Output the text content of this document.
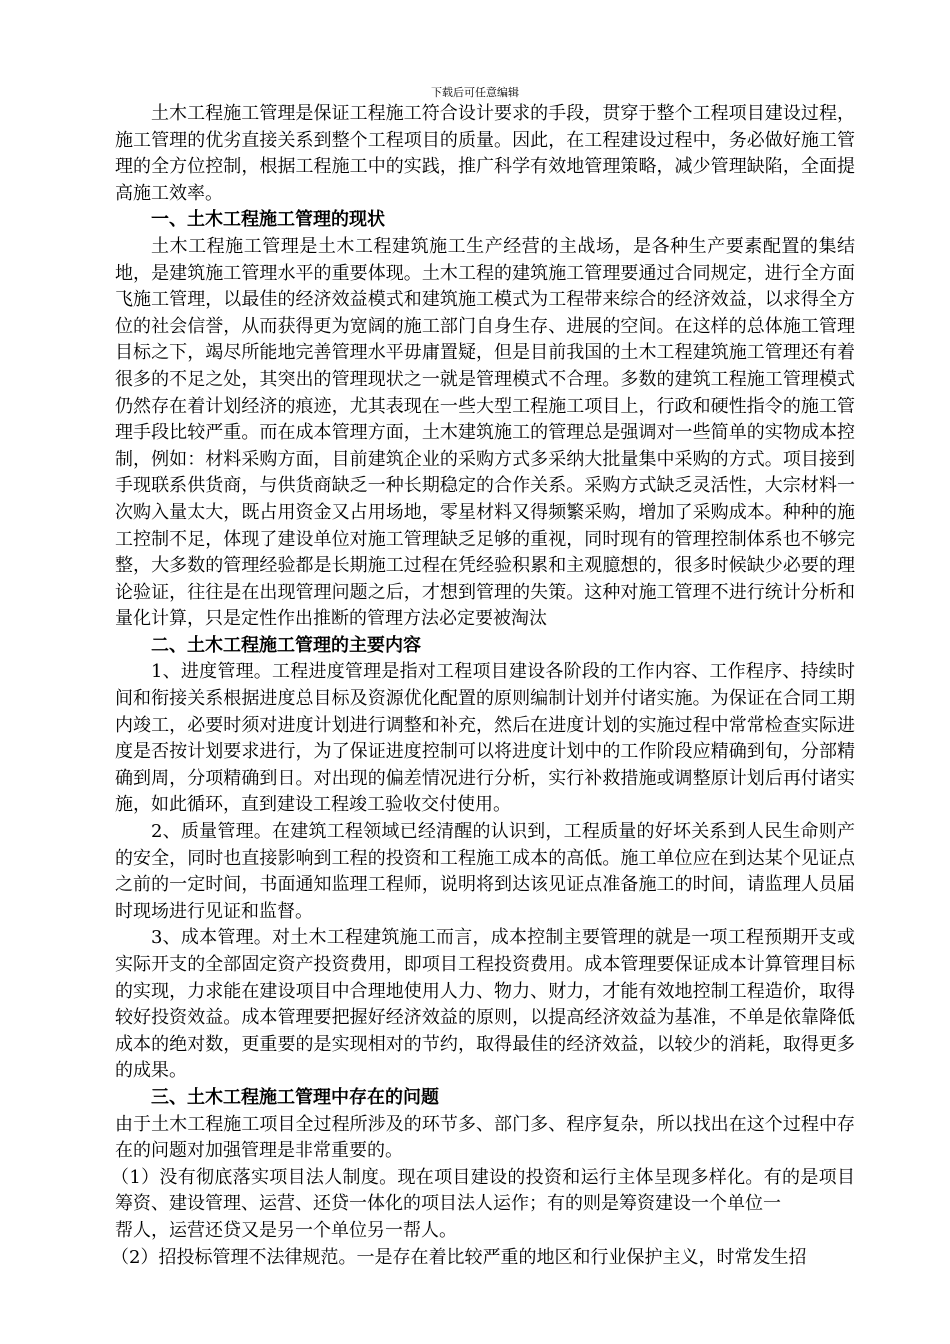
下载后可任意编辑

土木工程施工管理是保证工程施工符合设计要求的手段，贯穿于整个工程项目建设过程，施工管理的优劣直接关系到整个工程项目的质量。因此，在工程建设过程中，务必做好施工管理的全方位控制，根据工程施工中的实践，推广科学有效地管理策略，减少管理缺陷，全面提高施工效率。

一、土木工程施工管理的现状

土木工程施工管理是土木工程建筑施工生产经营的主战场，是各种生产要素配置的集结地，是建筑施工管理水平的重要体现。土木工程的建筑施工管理要通过合同规定，进行全方面飞施工管理，以最佳的经济效益模式和建筑施工模式为工程带来综合的经济效益，以求得全方位的社会信誉，从而获得更为宽阔的施工部门自身生存、进展的空间。在这样的总体施工管理目标之下，竭尽所能地完善管理水平毋庸置疑，但是目前我国的土木工程建筑施工管理还有着很多的不足之处，其突出的管理现状之一就是管理模式不合理。多数的建筑工程施工管理模式仍然存在着计划经济的痕迹，尤其表现在一些大型工程施工项目上，行政和硬性指令的施工管理手段比较严重。而在成本管理方面，土木建筑施工的管理总是强调对一些简单的实物成本控制，例如：材料采购方面，目前建筑企业的采购方式多采纳大批量集中采购的方式。项目接到手现联系供货商，与供货商缺乏一种长期稳定的合作关系。采购方式缺乏灵活性，大宗材料一次购入量太大，既占用资金又占用场地，零星材料又得频繁采购，增加了采购成本。种种的施工控制不足，体现了建设单位对施工管理缺乏足够的重视，同时现有的管理控制体系也不够完整，大多数的管理经验都是长期施工过程在凭经验积累和主观臆想的，很多时候缺少必要的理论验证，往往是在出现管理问题之后，才想到管理的失策。这种对施工管理不进行统计分析和量化计算，只是定性作出推断的管理方法必定要被淘汰

二、土木工程施工管理的主要内容

1、进度管理。工程进度管理是指对工程项目建设各阶段的工作内容、工作程序、持续时间和衔接关系根据进度总目标及资源优化配置的原则编制计划并付诸实施。为保证在合同工期内竣工，必要时须对进度计划进行调整和补充，然后在进度计划的实施过程中常常检查实际进度是否按计划要求进行，为了保证进度控制可以将进度计划中的工作阶段应精确到旬，分部精确到周，分项精确到日。对出现的偏差情况进行分析，实行补救措施或调整原计划后再付诸实施，如此循环，直到建设工程竣工验收交付使用。

2、质量管理。在建筑工程领域已经清醒的认识到，工程质量的好坏关系到人民生命则产的安全，同时也直接影响到工程的投资和工程施工成本的高低。施工单位应在到达某个见证点之前的一定时间，书面通知监理工程师，说明将到达该见证点准备施工的时间，请监理人员届时现场进行见证和监督。

3、成本管理。对土木工程建筑施工而言，成本控制主要管理的就是一项工程预期开支或实际开支的全部固定资产投资费用，即项目工程投资费用。成本管理要保证成本计算管理目标的实现，力求能在建设项目中合理地使用人力、物力、财力，才能有效地控制工程造价，取得较好投资效益。成本管理要把握好经济效益的原则，以提高经济效益为基准，不单是依靠降低成本的绝对数，更重要的是实现相对的节约，取得最佳的经济效益，以较少的消耗，取得更多的成果。

三、土木工程施工管理中存在的问题

由于土木工程施工项目全过程所涉及的环节多、部门多、程序复杂，所以找出在这个过程中存在的问题对加强管理是非常重要的。

（1）没有彻底落实项目法人制度。现在项目建设的投资和运行主体呈现多样化。有的是项目筹资、建设管理、运营、还贷一体化的项目法人运作；有的则是筹资建设一个单位一

帮人，运营还贷又是另一个单位另一帮人。

（2）招投标管理不法律规范。一是存在着比较严重的地区和行业保护主义，时常发生招
